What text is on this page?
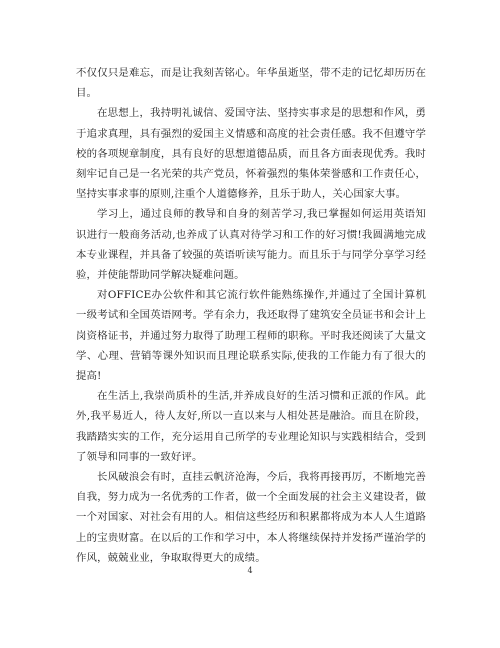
不仅仅只是难忘，而是让我刻苦铭心。年华虽逝坚，带不走的记忆却历历在目。

在思想上，我持明礼诚信、爱国守法、坚持实事求是的思想和作风，勇于追求真理，具有强烈的爱国主义情感和高度的社会责任感。我不但遵守学校的各项规章制度，具有良好的思想道德品质，而且各方面表现优秀。我时刻牢记自己是一名光荣的共产党员，怀着强烈的集体荣誉感和工作责任心，坚持实事求事的原则,注重个人道德修养，且乐于助人，关心国家大事。

学习上，通过良师的教导和自身的刻苦学习,我已掌握如何运用英语知识进行一般商务活动,也养成了认真对待学习和工作的好习惯!我圆满地完成本专业课程，并具备了较强的英语听读写能力。而且乐于与同学分享学习经验，并使能帮助同学解决疑难问题。

对OFFICE办公软件和其它流行软件能熟练操作,并通过了全国计算机一级考试和全国英语网考。学有余力，我还取得了建筑安全员证书和会计上岗资格证书，并通过努力取得了助理工程师的职称。平时我还阅读了大量文学、心理、营销等课外知识而且理论联系实际,使我的工作能力有了很大的提高!

在生活上,我崇尚质朴的生活,并养成良好的生活习惯和正派的作风。此外,我平易近人，待人友好,所以一直以来与人相处甚是融洽。而且在阶段，我踏踏实实的工作，充分运用自己所学的专业理论知识与实践相结合，受到了领导和同事的一致好评。

长风破浪会有时，直挂云帆济沧海，今后，我将再接再厉，不断地完善自我，努力成为一名优秀的工作者，做一个全面发展的社会主义建设者，做一个对国家、对社会有用的人。相信这些经历和积累都将成为本人人生道路上的宝贵财富。在以后的工作和学习中，本人将继续保持并发扬严谨治学的作风，兢兢业业，争取取得更大的成绩。

4
